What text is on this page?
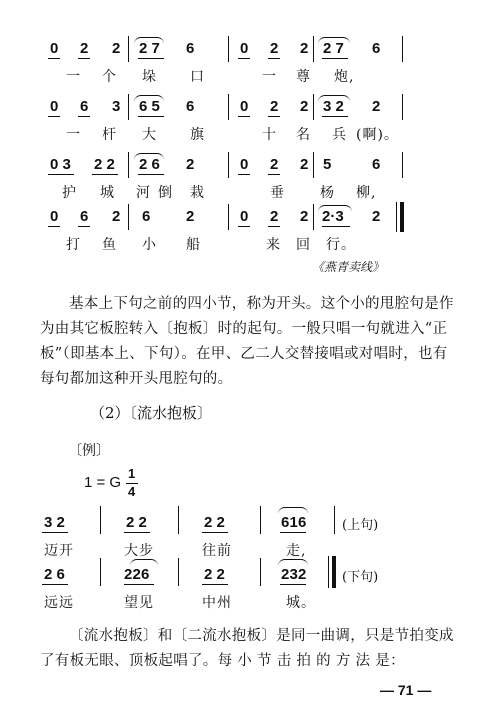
0 2 2 2 7 6	0 2 2 2 7 6
一 个 垛 口	一 尊 炮,
0 6 3 6 5 6	0 2 2 3 2 2
一 杆 大 旗	十 名 兵 (啊)。
0 3 2 2 2 6 2	0 2 2 5	6
护 城 河 倒 栽	垂	杨 柳,
0 6 2 6 2	0 2 2 2·3 2
打 鱼 小 船	来 回 行。
《燕青卖线》
基本上下句之前的四小节，称为开头。这个小的甩腔句是作为由其它板腔转入〔抱板〕时的起句。一般只唱一句就进入“正板”（即基本上、下句）。在甲、乙二人交替接唱或对唱时，也有每句都加这种开头甩腔句的。
（2）〔流水抱板〕
〔例〕
1 = G
1
4
3 2	2 2	2 2	6 1 6	(上句)
迈开	大步	往前	走,
2 6	2 2 6	2 2	2 3 2	(下句)
远远	望见	中州	城。
〔流水抱板〕和〔二流水抱板〕是同一曲调，只是节拍变成了有板无眼、顶板起唱了。每 小 节 击 拍 的 方 法 是：
— 71 —
